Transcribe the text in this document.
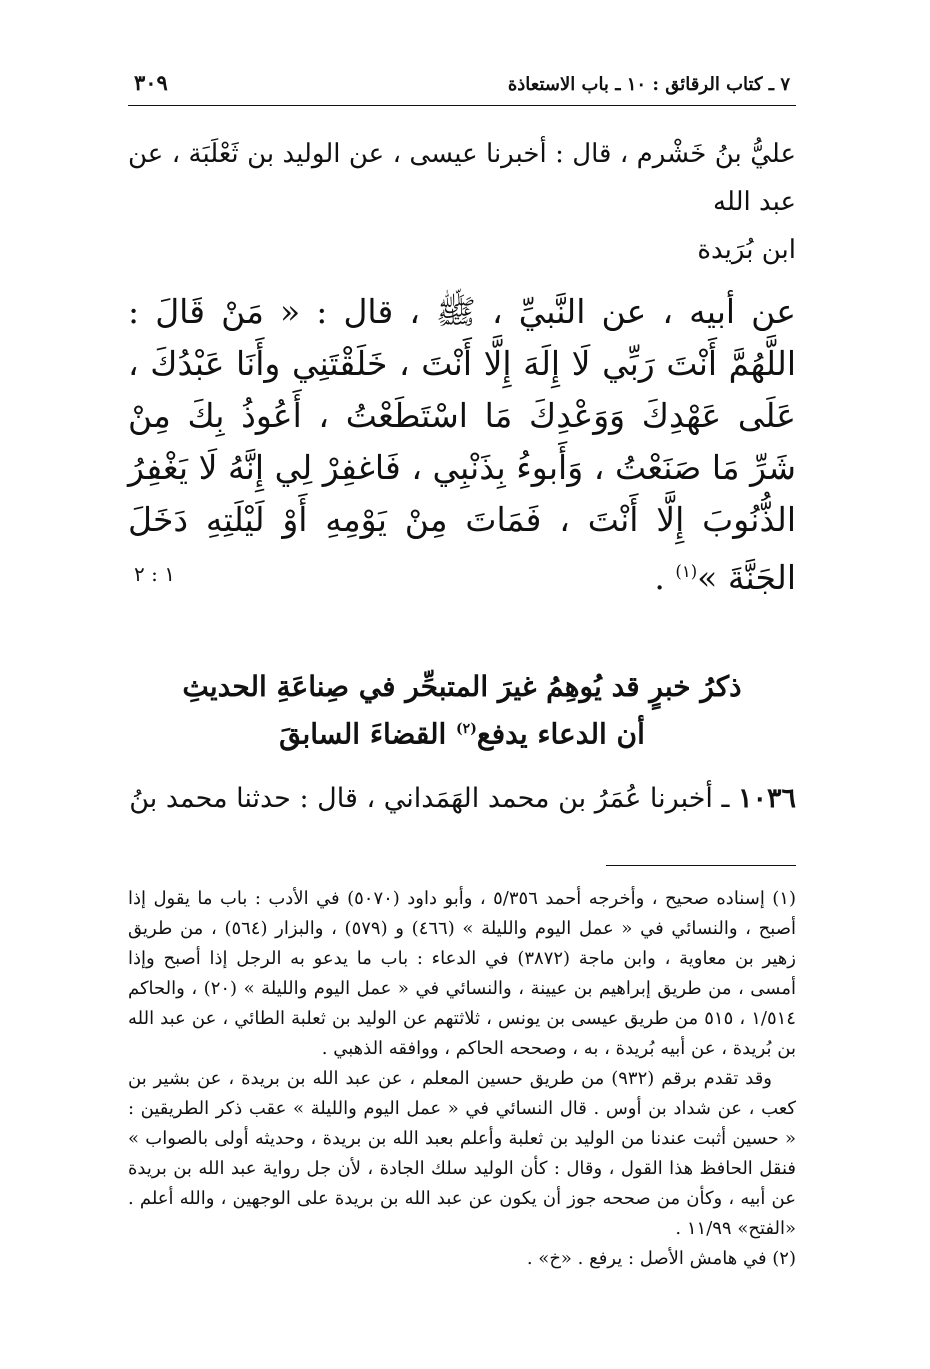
٧ ـ كتاب الرقائق : ١٠ ـ باب الاستعاذة
٣٠٩
عليُّ بنُ خَشْرم ، قال : أخبرنا عيسى ، عن الوليد بن ثَعْلَبَة ، عن عبد الله
ابن بُرَيدة
عن أبيه ، عن النَّبيِّ ، ﷺ ، قال : « مَنْ قَالَ : اللَّهُمَّ أَنْتَ رَبِّي لَا إِلَهَ إِلَّا أَنْتَ ، خَلَقْتَنِي وأَنَا عَبْدُكَ ، عَلَى عَهْدِكَ وَوَعْدِكَ مَا اسْتَطَعْتُ ، أَعُوذُ بِكَ مِنْ شَرِّ مَا صَنَعْتُ ، وَأَبوءُ بِذَنْبِي ، فَاغفِرْ لِي إِنَّهُ لَا يَغْفِرُ الذُّنُوبَ إِلَّا أَنْتَ ، فَمَاتَ مِنْ يَوْمِهِ أَوْ لَيْلَتِهِ دَخَلَ الجَنَّةَ »$^{(١)}$ .
١ : ٢
ذكرُ خبرٍ قد يُوهِمُ غيرَ المتبحِّر في صِناعَةِ الحديثِ
أن الدعاء يدفع$^{(٢)}$ القضاءَ السابقَ
١٠٣٦ ـ أخبرنا عُمَرُ بن محمد الهَمَداني ، قال : حدثنا محمد بنُ

(١) إسناده صحيح ، وأخرجه أحمد ٥/٣٥٦ ، وأبو داود (٥٠٧٠) في الأدب : باب ما يقول إذا أصبح ، والنسائي في « عمل اليوم والليلة » (٤٦٦) و (٥٧٩) ، والبزار (٥٦٤) ، من طريق زهير بن معاوية ، وابن ماجة (٣٨٧٢) في الدعاء : باب ما يدعو به الرجل إذا أصبح وإذا أمسى ، من طريق إبراهيم بن عيينة ، والنسائي في « عمل اليوم والليلة » (٢٠) ، والحاكم ١/٥١٤ ، ٥١٥ من طريق عيسى بن يونس ، ثلاثتهم عن الوليد بن ثعلبة الطائي ، عن عبد الله بن بُريدة ، عن أبيه بُريدة ، به ، وصححه الحاكم ، ووافقه الذهبي .

وقد تقدم برقم (٩٣٢) من طريق حسين المعلم ، عن عبد الله بن بريدة ، عن بشير بن كعب ، عن شداد بن أوس . قال النسائي في « عمل اليوم والليلة » عقب ذكر الطريقين : « حسين أثبت عندنا من الوليد بن ثعلبة وأعلم بعبد الله بن بريدة ، وحديثه أولى بالصواب » فنقل الحافظ هذا القول ، وقال : كأن الوليد سلك الجادة ، لأن جل رواية عبد الله بن بريدة عن أبيه ، وكأن من صححه جوز أن يكون عن عبد الله بن بريدة على الوجهين ، والله أعلم . «الفتح» ١١/٩٩ .

(٢) في هامش الأصل : يرفع . «خ» .
